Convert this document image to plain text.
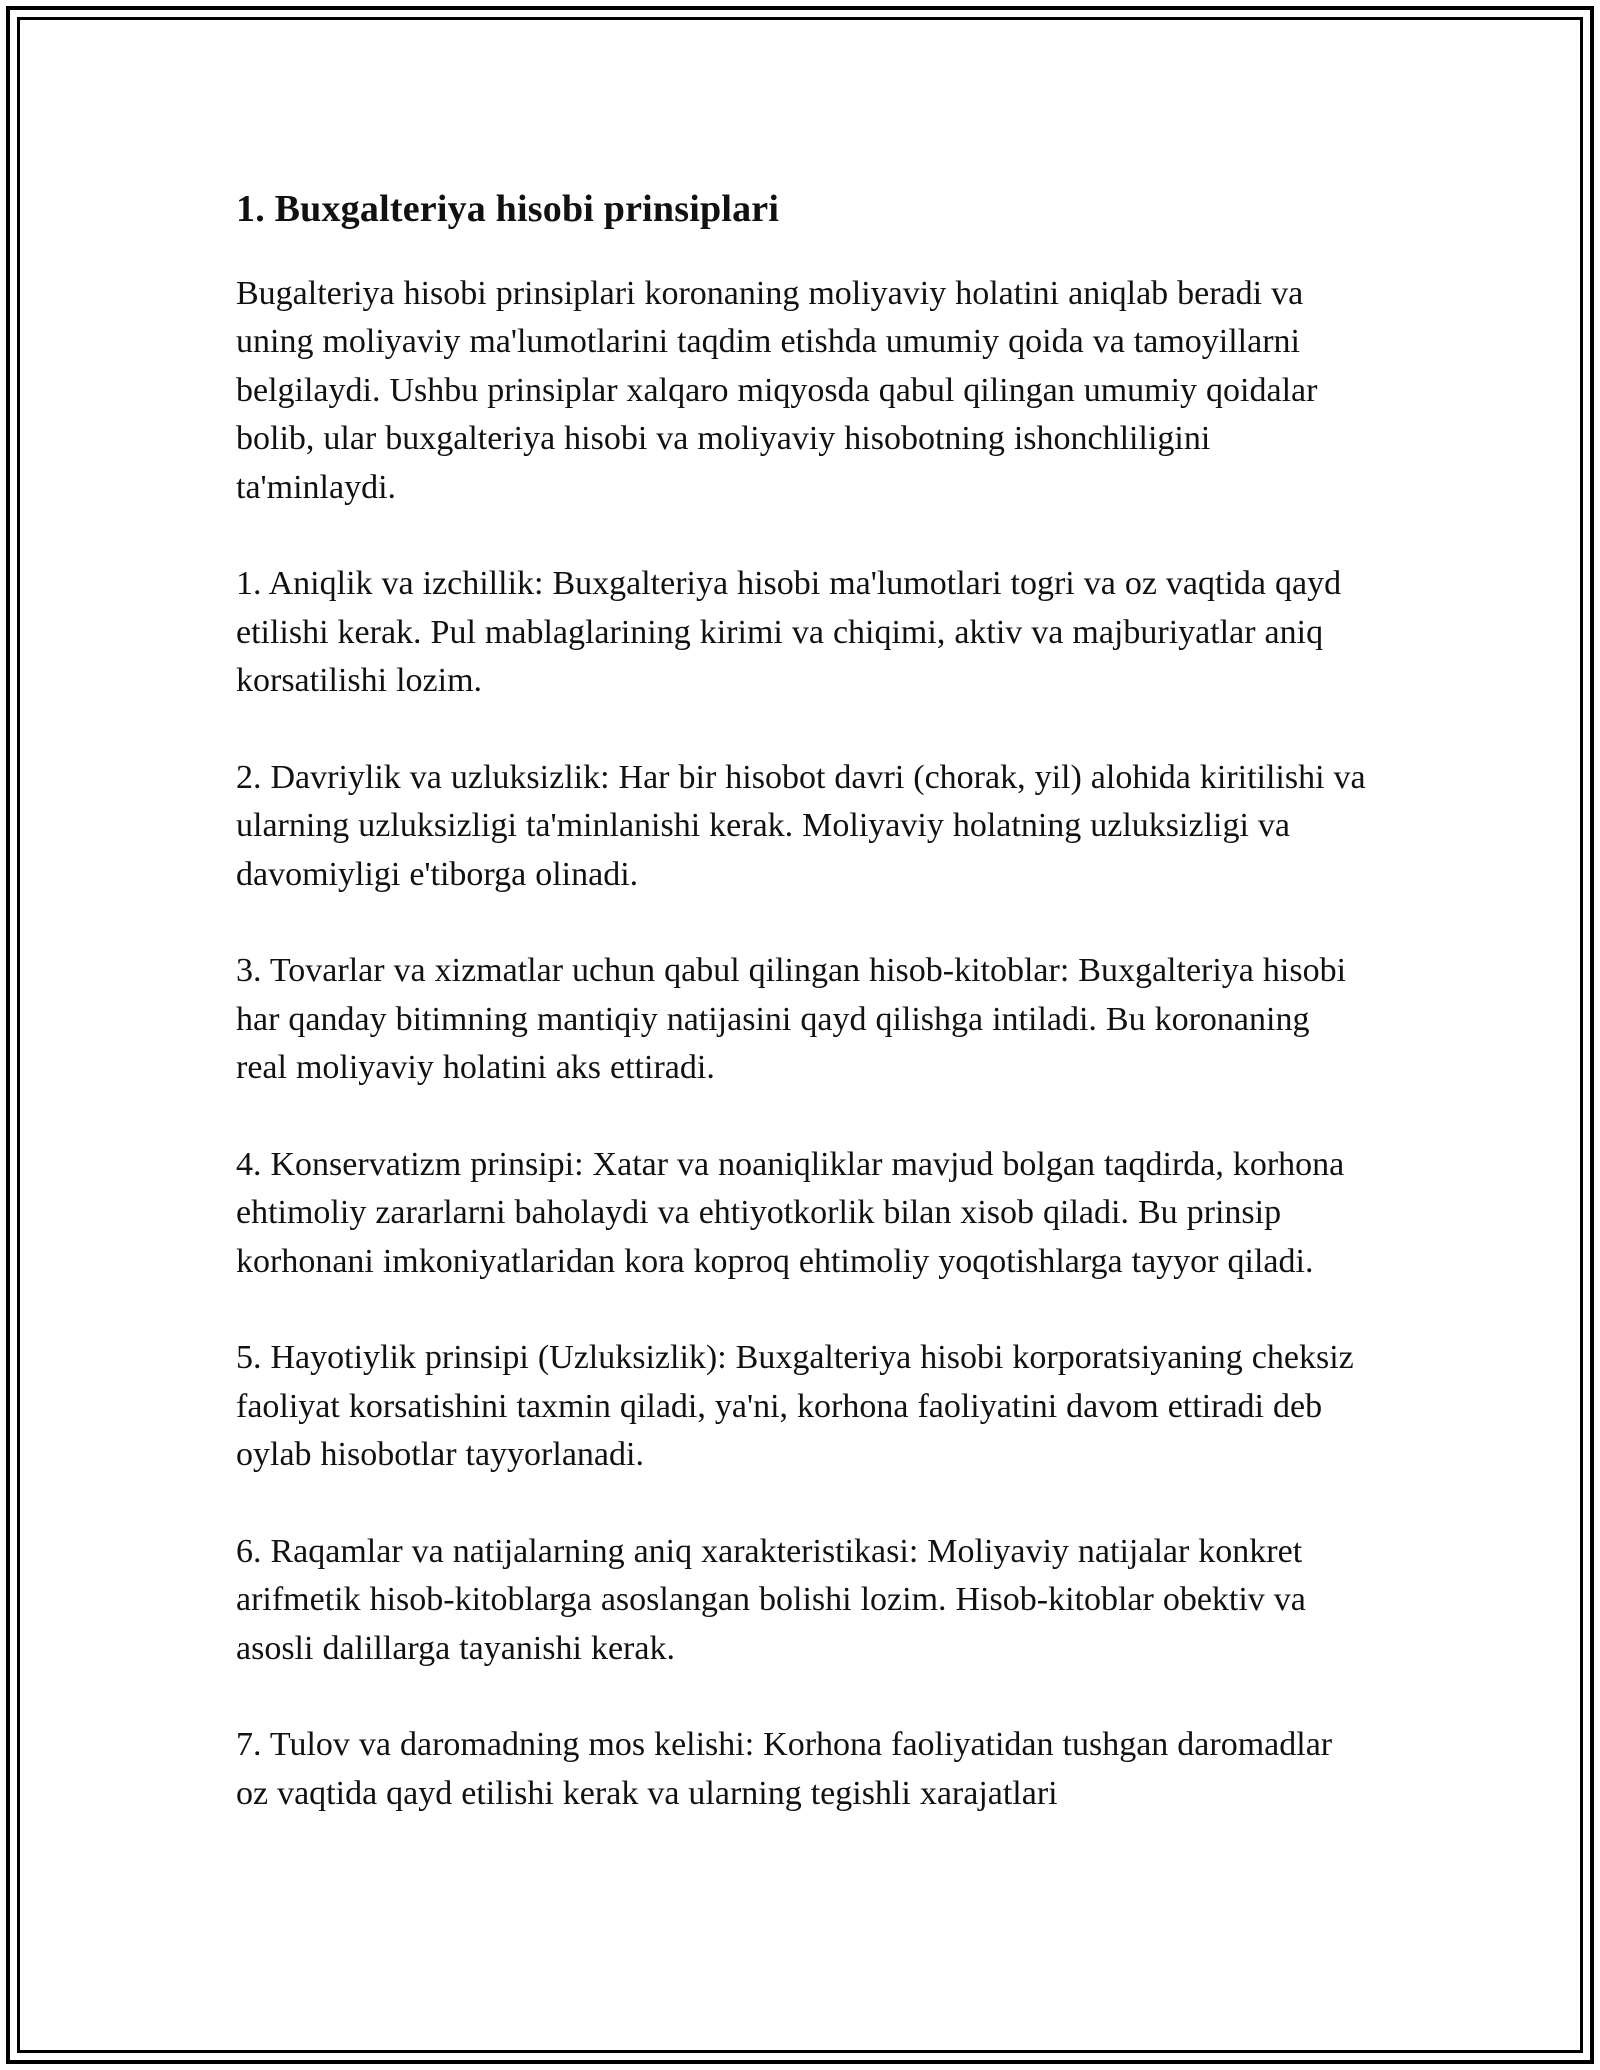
1. Buxgalteriya hisobi prinsiplari

Bugalteriya hisobi prinsiplari koronaning moliyaviy holatini aniqlab beradi va uning moliyaviy ma'lumotlarini taqdim etishda umumiy qoida va tamoyillarni belgilaydi. Ushbu prinsiplar xalqaro miqyosda qabul qilingan umumiy qoidalar bolib, ular buxgalteriya hisobi va moliyaviy hisobotning ishonchliligini ta'minlaydi.

1. Aniqlik va izchillik: Buxgalteriya hisobi ma'lumotlari togri va oz vaqtida qayd etilishi kerak. Pul mablaglarining kirimi va chiqimi, aktiv va majburiyatlar aniq korsatilishi lozim.

2. Davriylik va uzluksizlik: Har bir hisobot davri (chorak, yil) alohida kiritilishi va ularning uzluksizligi ta'minlanishi kerak. Moliyaviy holatning uzluksizligi va davomiyligi e'tiborga olinadi.

3. Tovarlar va xizmatlar uchun qabul qilingan hisob-kitoblar: Buxgalteriya hisobi har qanday bitimning mantiqiy natijasini qayd qilishga intiladi. Bu koronaning real moliyaviy holatini aks ettiradi.

4. Konservatizm prinsipi: Xatar va noaniqliklar mavjud bolgan taqdirda, korhona ehtimoliy zararlarni baholaydi va ehtiyotkorlik bilan xisob qiladi. Bu prinsip korhonani imkoniyatlaridan kora koproq ehtimoliy yoqotishlarga tayyor qiladi.

5. Hayotiylik prinsipi (Uzluksizlik): Buxgalteriya hisobi korporatsiyaning cheksiz faoliyat korsatishini taxmin qiladi, ya'ni, korhona faoliyatini davom ettiradi deb oylab hisobotlar tayyorlanadi.

6. Raqamlar va natijalarning aniq xarakteristikasi: Moliyaviy natijalar konkret arifmetik hisob-kitoblarga asoslangan bolishi lozim. Hisob-kitoblar obektiv va asosli dalillarga tayanishi kerak.

7. Tulov va daromadning mos kelishi: Korhona faoliyatidan tushgan daromadlar oz vaqtida qayd etilishi kerak va ularning tegishli xarajatlari
